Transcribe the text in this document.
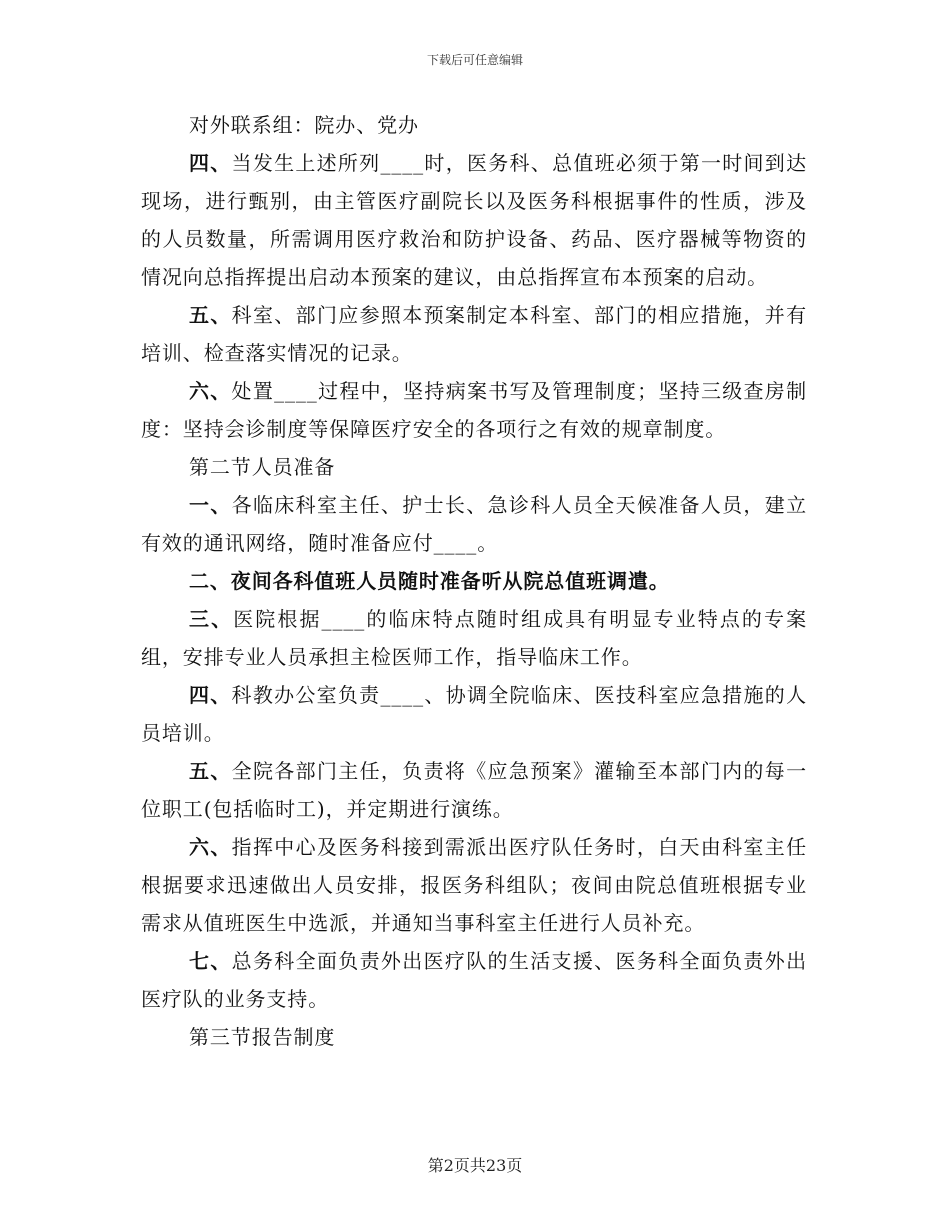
下载后可任意编辑

对外联系组：院办、党办

四、当发生上述所列____时，医务科、总值班必须于第一时间到达现场，进行甄别，由主管医疗副院长以及医务科根据事件的性质，涉及的人员数量，所需调用医疗救治和防护设备、药品、医疗器械等物资的情况向总指挥提出启动本预案的建议，由总指挥宣布本预案的启动。

五、科室、部门应参照本预案制定本科室、部门的相应措施，并有培训、检查落实情况的记录。

六、处置____过程中，坚持病案书写及管理制度；坚持三级查房制度：坚持会诊制度等保障医疗安全的各项行之有效的规章制度。

第二节人员准备

一、各临床科室主任、护士长、急诊科人员全天候准备人员，建立有效的通讯网络，随时准备应付____。

二、夜间各科值班人员随时准备听从院总值班调遣。

三、医院根据____的临床特点随时组成具有明显专业特点的专案组，安排专业人员承担主检医师工作，指导临床工作。

四、科教办公室负责____、协调全院临床、医技科室应急措施的人员培训。

五、全院各部门主任，负责将《应急预案》灌输至本部门内的每一位职工(包括临时工)，并定期进行演练。

六、指挥中心及医务科接到需派出医疗队任务时，白天由科室主任根据要求迅速做出人员安排，报医务科组队；夜间由院总值班根据专业需求从值班医生中选派，并通知当事科室主任进行人员补充。

七、总务科全面负责外出医疗队的生活支援、医务科全面负责外出医疗队的业务支持。

第三节报告制度

第2页共23页
